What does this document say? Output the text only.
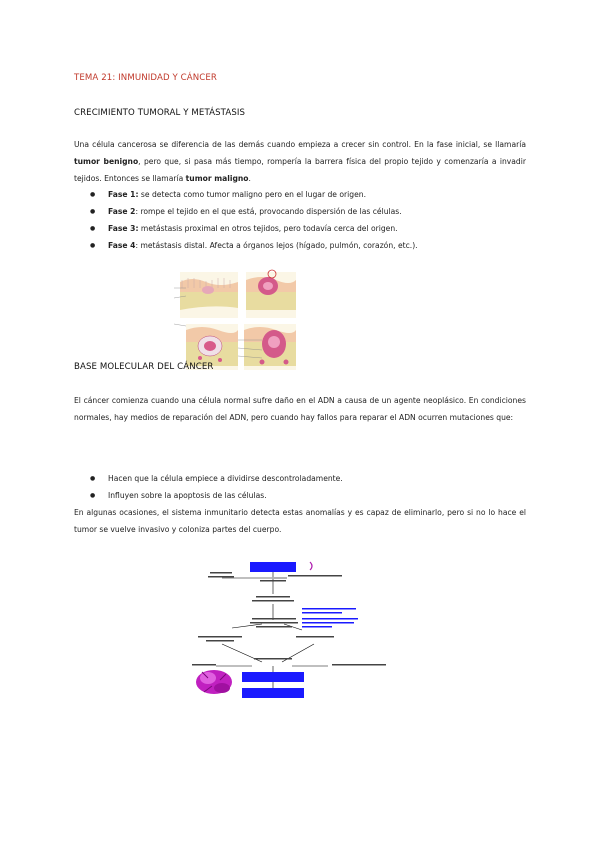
TEMA 21: INMUNIDAD Y CÁNCER
CRECIMIENTO TUMORAL Y METÁSTASIS
Una célula cancerosa se diferencia de las demás cuando empieza a crecer sin control. En la fase inicial, se llamaría tumor benigno, pero que, si pasa más tiempo, rompería la barrera física del propio tejido y comenzaría a invadir tejidos. Entonces se llamaría tumor maligno.
● Fase 1: se detecta como tumor maligno pero en el lugar de origen.
● Fase 2: rompe el tejido en el que está, provocando dispersión de las células.
● Fase 3: metástasis proximal en otros tejidos, pero todavía cerca del origen.
● Fase 4: metástasis distal. Afecta a órganos lejos (hígado, pulmón, corazón, etc.).
BASE MOLECULAR DEL CÁNCER
El cáncer comienza cuando una célula normal sufre daño en el ADN a causa de un agente neoplásico. En condiciones normales, hay medios de reparación del ADN, pero cuando hay fallos para reparar el ADN ocurren mutaciones que:
● Hacen que la célula empiece a dividirse descontroladamente.
● Influyen sobre la apoptosis de las células.
En algunas ocasiones, el sistema inmunitario detecta estas anomalías y es capaz de eliminarlo, pero si no lo hace el tumor se vuelve invasivo y coloniza partes del cuerpo.
